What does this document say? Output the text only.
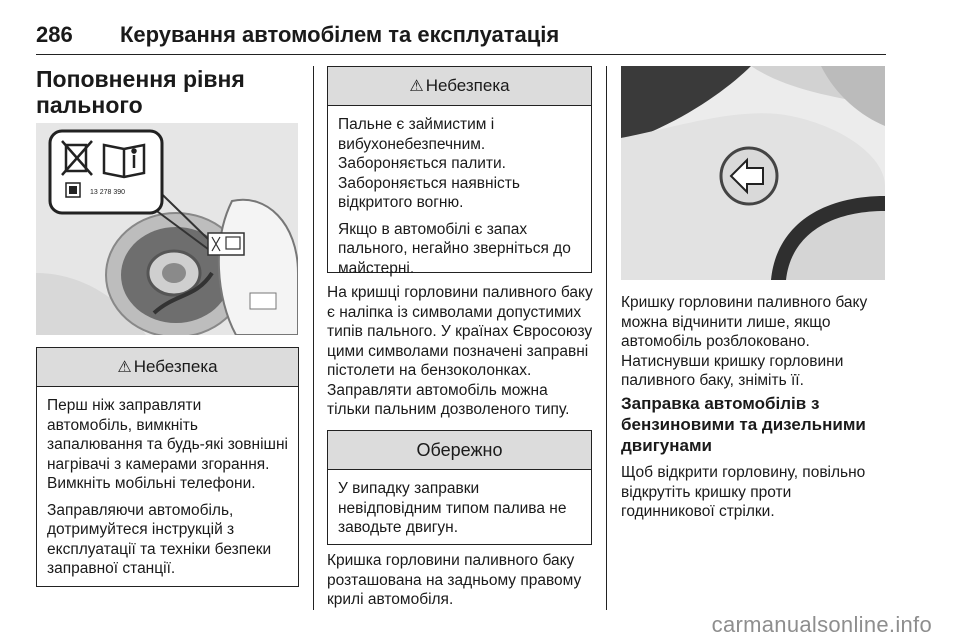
286 Керування автомобілем та експлуатація
Поповнення рівня пального
13 278 390
⚠ Небезпека

Перш ніж заправляти автомобіль, вимкніть запалювання та будь-які зовнішні нагрівачі з камерами згорання. Вимкніть мобільні телефони.

Заправляючи автомобіль, дотримуйтеся інструкцій з експлуатації та техніки безпеки заправної станції.

⚠ Небезпека

Пальне є займистим і вибухонебезпечним. Забороняється палити. Забороняється наявність відкритого вогню.

Якщо в автомобілі є запах пального, негайно зверніться до майстерні.

На кришці горловини паливного баку є наліпка із символами допустимих типів пального. У країнах Євросоюзу цими символами позначені заправні пістолети на бензоколонках. Заправляти автомобіль можна тільки пальним дозволеного типу.

Обережно

У випадку заправки невідповідним типом палива не заводьте двигун.

Кришка горловини паливного баку розташована на задньому правому крилі автомобіля.

Кришку горловини паливного баку можна відчинити лише, якщо автомобіль розблоковано. Натиснувши кришку горловини паливного баку, зніміть її.

Заправка автомобілів з бензиновими та дизельними двигунами

Щоб відкрити горловину, повільно відкрутіть кришку проти годинникової стрілки.

carmanualsonline.info
